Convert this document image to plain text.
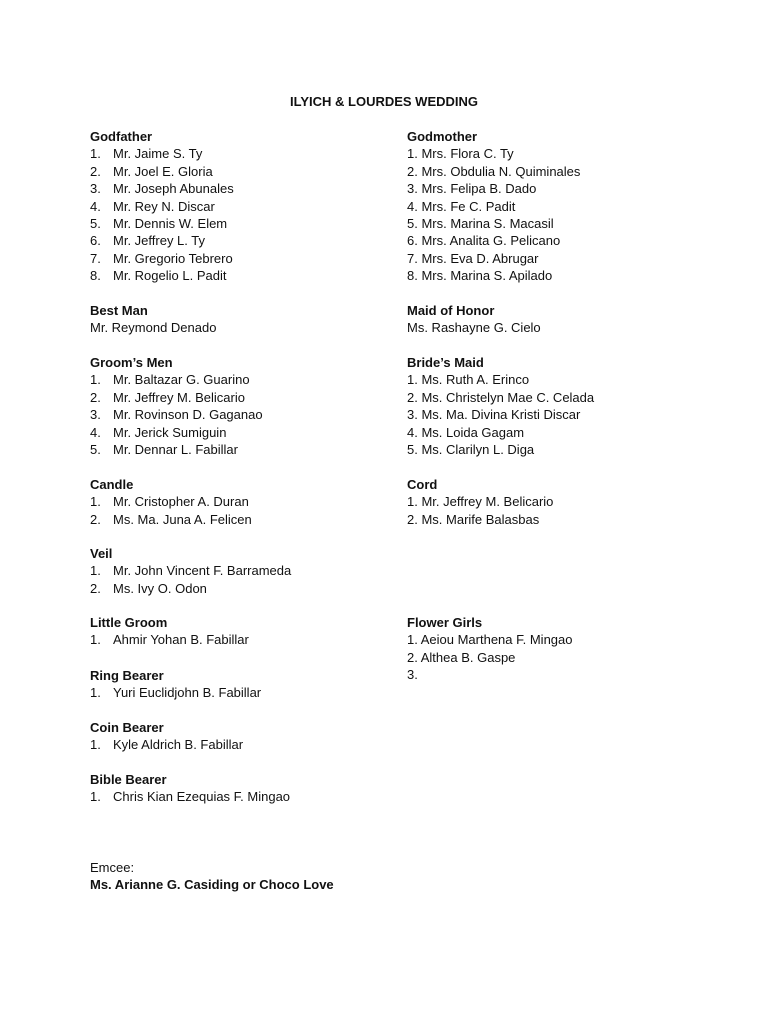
ILYICH & LOURDES WEDDING
Godfather
1. Mr. Jaime S. Ty
2. Mr. Joel E. Gloria
3. Mr. Joseph Abunales
4. Mr. Rey N. Discar
5. Mr. Dennis W. Elem
6. Mr. Jeffrey L. Ty
7. Mr. Gregorio Tebrero
8. Mr. Rogelio L. Padit
Best Man
Mr. Reymond Denado
Groom’s Men
1. Mr. Baltazar G. Guarino
2. Mr. Jeffrey M. Belicario
3. Mr. Rovinson D. Gaganao
4. Mr. Jerick Sumiguin
5. Mr. Dennar L. Fabillar
Candle
1. Mr. Cristopher A. Duran
2. Ms. Ma. Juna A. Felicen
Veil
1. Mr. John Vincent F. Barrameda
2. Ms. Ivy O. Odon
Little Groom
1. Ahmir Yohan B. Fabillar
Ring Bearer
1. Yuri Euclidjohn B. Fabillar
Coin Bearer
1. Kyle Aldrich B. Fabillar
Bible Bearer
1. Chris Kian Ezequias F. Mingao
Emcee:
Ms. Arianne G. Casiding or Choco Love
Godmother
1. Mrs. Flora C. Ty
2. Mrs. Obdulia N. Quiminales
3. Mrs. Felipa B. Dado
4. Mrs. Fe C. Padit
5. Mrs. Marina S. Macasil
6. Mrs. Analita G. Pelicano
7. Mrs. Eva D. Abrugar
8. Mrs. Marina S. Apilado
Maid of Honor
Ms. Rashayne G. Cielo
Bride’s Maid
1. Ms. Ruth A. Erinco
2. Ms. Christelyn Mae C. Celada
3. Ms. Ma. Divina Kristi Discar
4. Ms. Loida Gagam
5. Ms. Clarilyn L. Diga
Cord
1. Mr. Jeffrey M. Belicario
2. Ms. Marife Balasbas
Flower Girls
1. Aeiou Marthena F. Mingao
2. Althea B. Gaspe
3.
